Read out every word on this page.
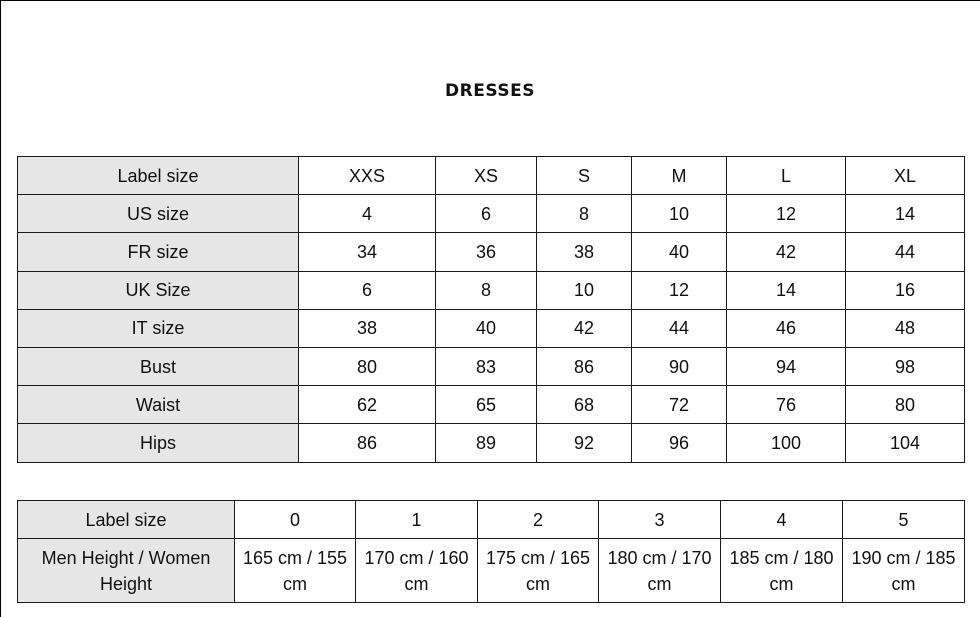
DRESSES
Label size	XXS	XS	S	M	L	XL
US size	4	6	8	10	12	14
FR size	34	36	38	40	42	44
UK Size	6	8	10	12	14	16
IT size	38	40	42	44	46	48
Bust	80	83	86	90	94	98
Waist	62	65	68	72	76	80
Hips	86	89	92	96	100	104
Label size	0	1	2	3	4	5
Men Height / Women Height	165 cm / 155 cm	170 cm / 160 cm	175 cm / 165 cm	180 cm / 170 cm	185 cm / 180 cm	190 cm / 185 cm
